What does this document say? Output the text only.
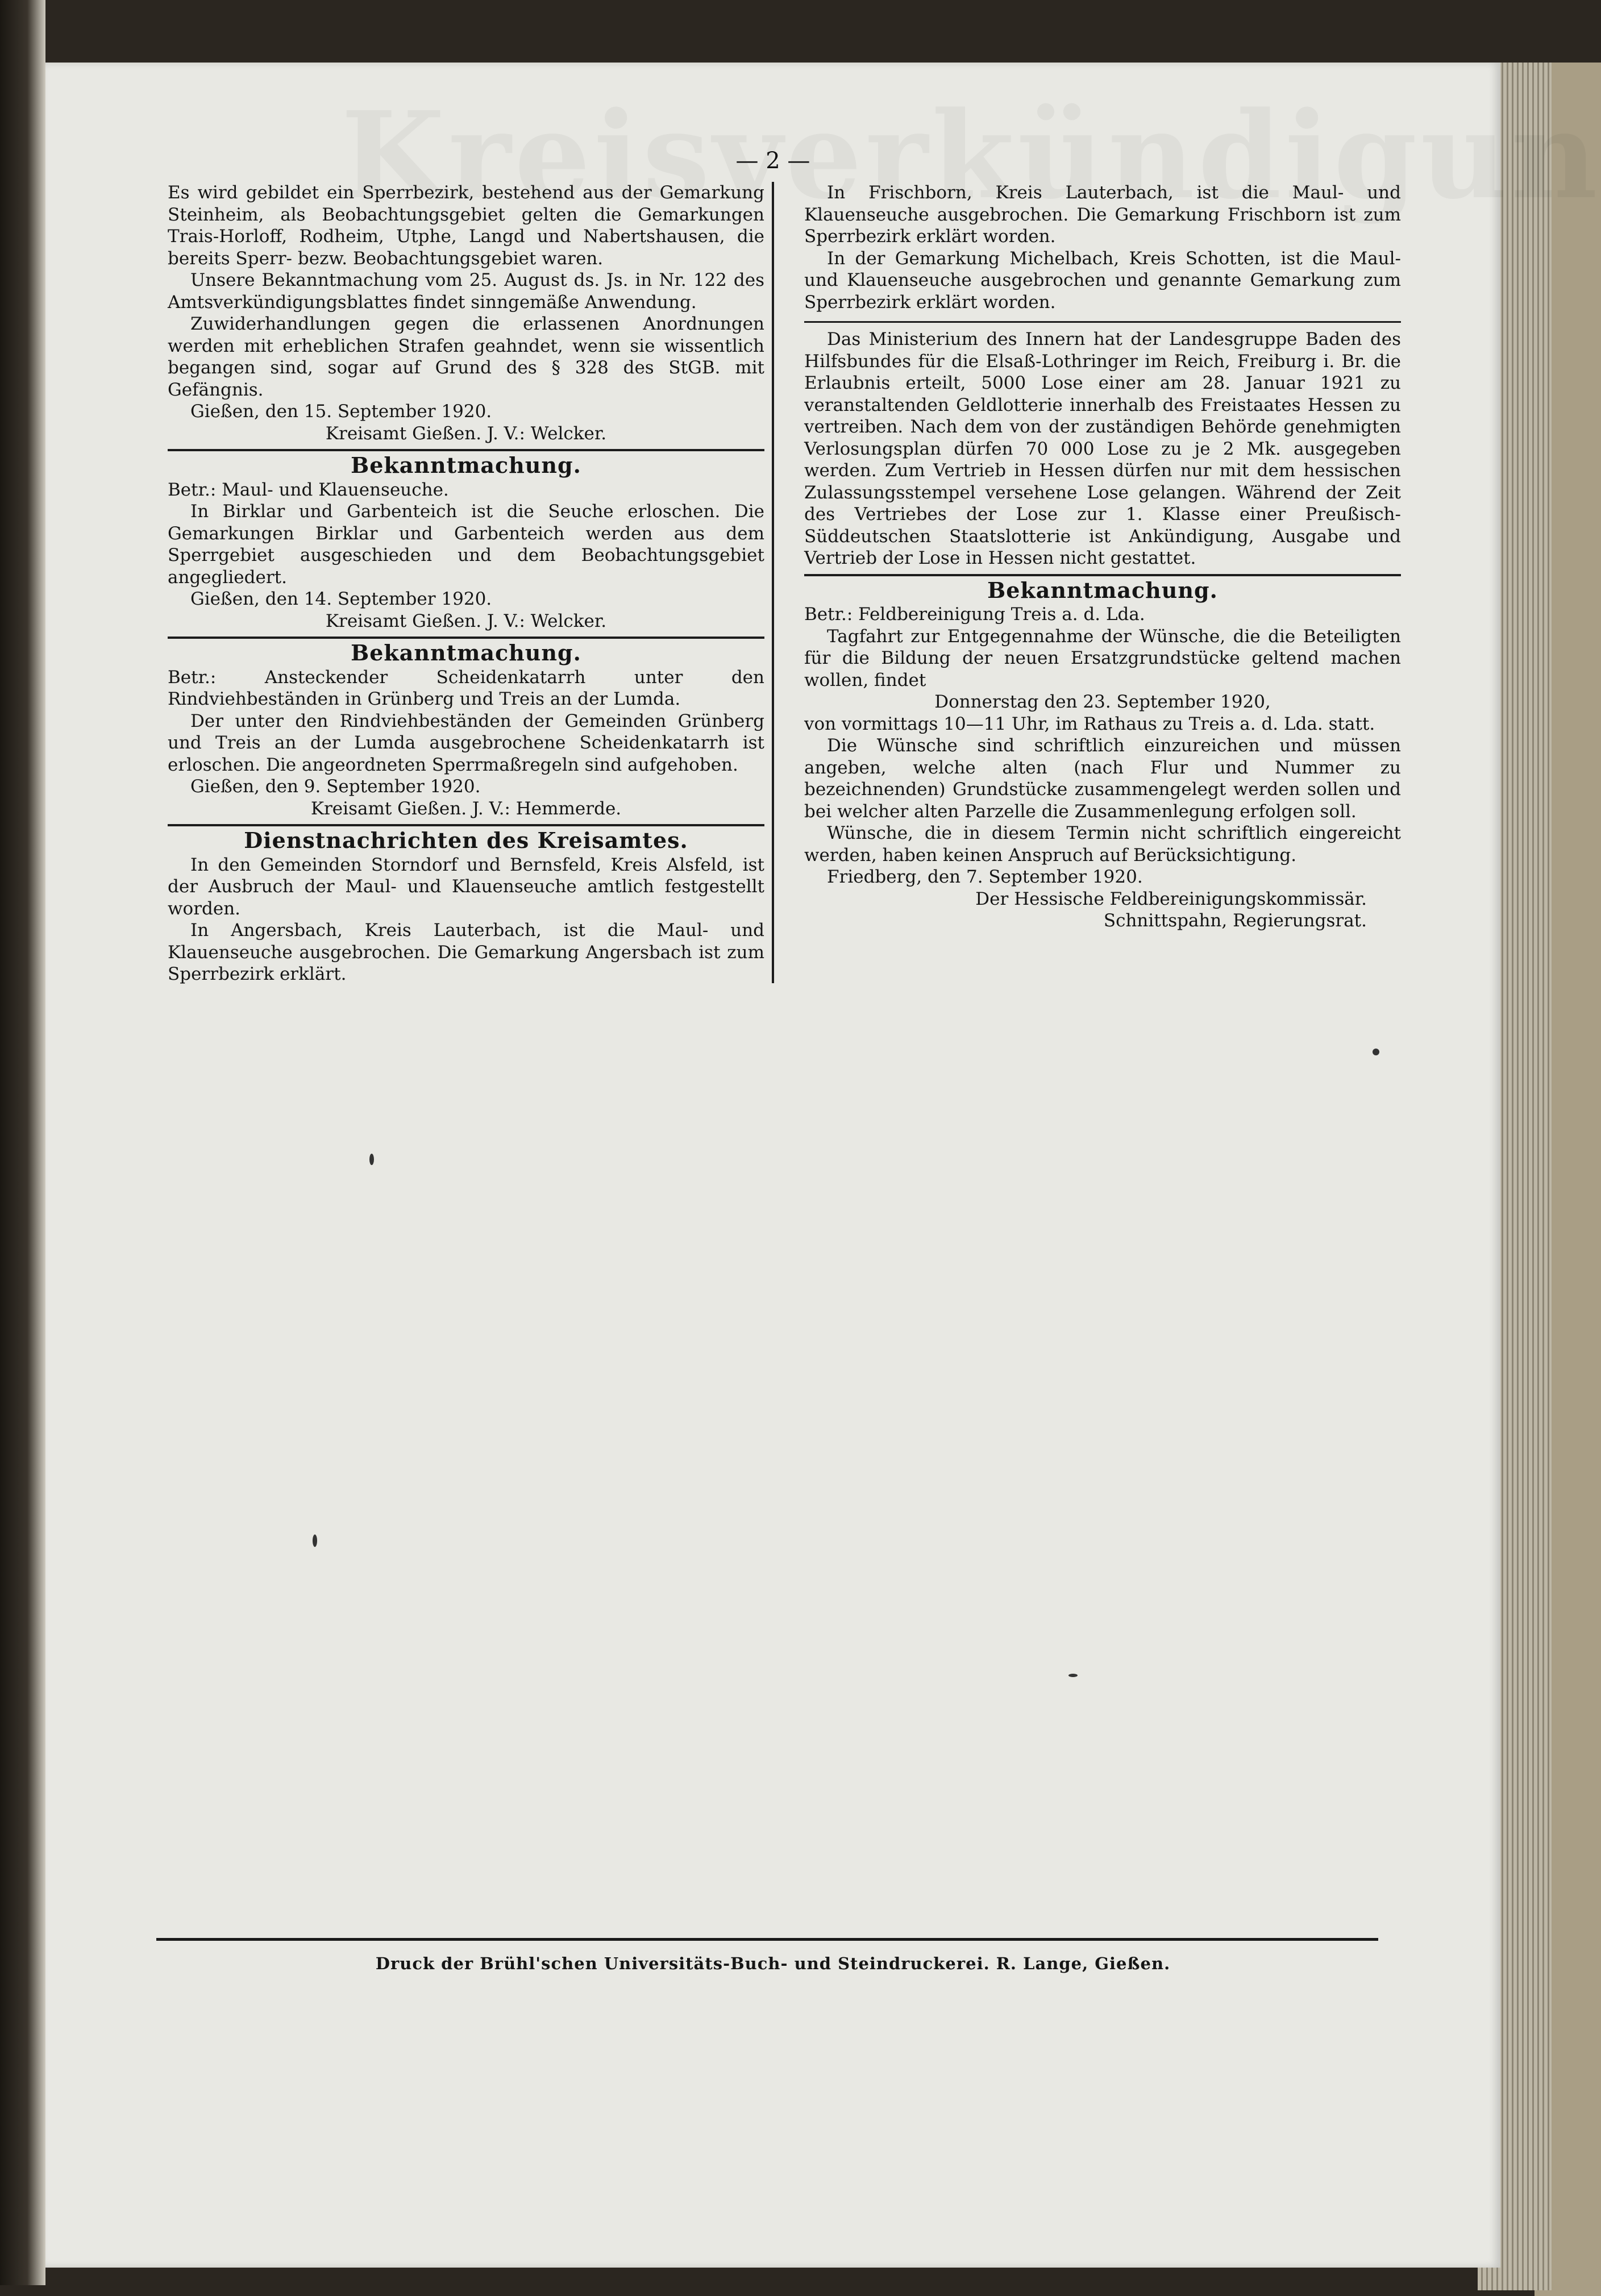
— 2 —

Es wird gebildet ein Sperrbezirk, bestehend aus der Gemarkung Steinheim, als Beobachtungsgebiet gelten die Gemarkungen Trais-Horloff, Rodheim, Utphe, Langd und Nabertshausen, die bereits Sperr- bezw. Beobachtungsgebiet waren.

Unsere Bekanntmachung vom 25. August ds. Js. in Nr. 122 des Amtsverkündigungsblattes findet sinngemäße Anwendung.

Zuwiderhandlungen gegen die erlassenen Anordnungen werden mit erheblichen Strafen geahndet, wenn sie wissentlich begangen sind, sogar auf Grund des § 328 des StGB. mit Gefängnis.

Gießen, den 15. September 1920.

Kreisamt Gießen. J. V.: Welcker.

Bekanntmachung.

Betr.: Maul- und Klauenseuche.

In Birklar und Garbenteich ist die Seuche erloschen. Die Gemarkungen Birklar und Garbenteich werden aus dem Sperrgebiet ausgeschieden und dem Beobachtungsgebiet angegliedert.

Gießen, den 14. September 1920.

Kreisamt Gießen. J. V.: Welcker.

Bekanntmachung.

Betr.: Ansteckender Scheidenkatarrh unter den Rindviehbeständen in Grünberg und Treis an der Lumda.

Der unter den Rindviehbeständen der Gemeinden Grünberg und Treis an der Lumda ausgebrochene Scheidenkatarrh ist erloschen. Die angeordneten Sperrmaßregeln sind aufgehoben.

Gießen, den 9. September 1920.

Kreisamt Gießen. J. V.: Hemmerde.

Dienstnachrichten des Kreisamtes.

In den Gemeinden Storndorf und Bernsfeld, Kreis Alsfeld, ist der Ausbruch der Maul- und Klauenseuche amtlich festgestellt worden.

In Angersbach, Kreis Lauterbach, ist die Maul- und Klauenseuche ausgebrochen. Die Gemarkung Angersbach ist zum Sperrbezirk erklärt.

In Frischborn, Kreis Lauterbach, ist die Maul- und Klauenseuche ausgebrochen. Die Gemarkung Frischborn ist zum Sperrbezirk erklärt worden.

In der Gemarkung Michelbach, Kreis Schotten, ist die Maul- und Klauenseuche ausgebrochen und genannte Gemarkung zum Sperrbezirk erklärt worden.

Das Ministerium des Innern hat der Landesgruppe Baden des Hilfsbundes für die Elsaß-Lothringer im Reich, Freiburg i. Br. die Erlaubnis erteilt, 5000 Lose einer am 28. Januar 1921 zu veranstaltenden Geldlotterie innerhalb des Freistaates Hessen zu vertreiben. Nach dem von der zuständigen Behörde genehmigten Verlosungsplan dürfen 70 000 Lose zu je 2 Mk. ausgegeben werden. Zum Vertrieb in Hessen dürfen nur mit dem hessischen Zulassungsstempel versehene Lose gelangen. Während der Zeit des Vertriebes der Lose zur 1. Klasse einer Preußisch-Süddeutschen Staatslotterie ist Ankündigung, Ausgabe und Vertrieb der Lose in Hessen nicht gestattet.

Bekanntmachung.

Betr.: Feldbereinigung Treis a. d. Lda.

Tagfahrt zur Entgegennahme der Wünsche, die die Beteiligten für die Bildung der neuen Ersatzgrundstücke geltend machen wollen, findet

Donnerstag den 23. September 1920,

von vormittags 10—11 Uhr, im Rathaus zu Treis a. d. Lda. statt.

Die Wünsche sind schriftlich einzureichen und müssen angeben, welche alten (nach Flur und Nummer zu bezeichnenden) Grundstücke zusammengelegt werden sollen und bei welcher alten Parzelle die Zusammenlegung erfolgen soll.

Wünsche, die in diesem Termin nicht schriftlich eingereicht werden, haben keinen Anspruch auf Berücksichtigung.

Friedberg, den 7. September 1920.

Der Hessische Feldbereinigungskommissär.

Schnittspahn, Regierungsrat.

Druck der Brühl'schen Universitäts-Buch- und Steindruckerei. R. Lange, Gießen.
